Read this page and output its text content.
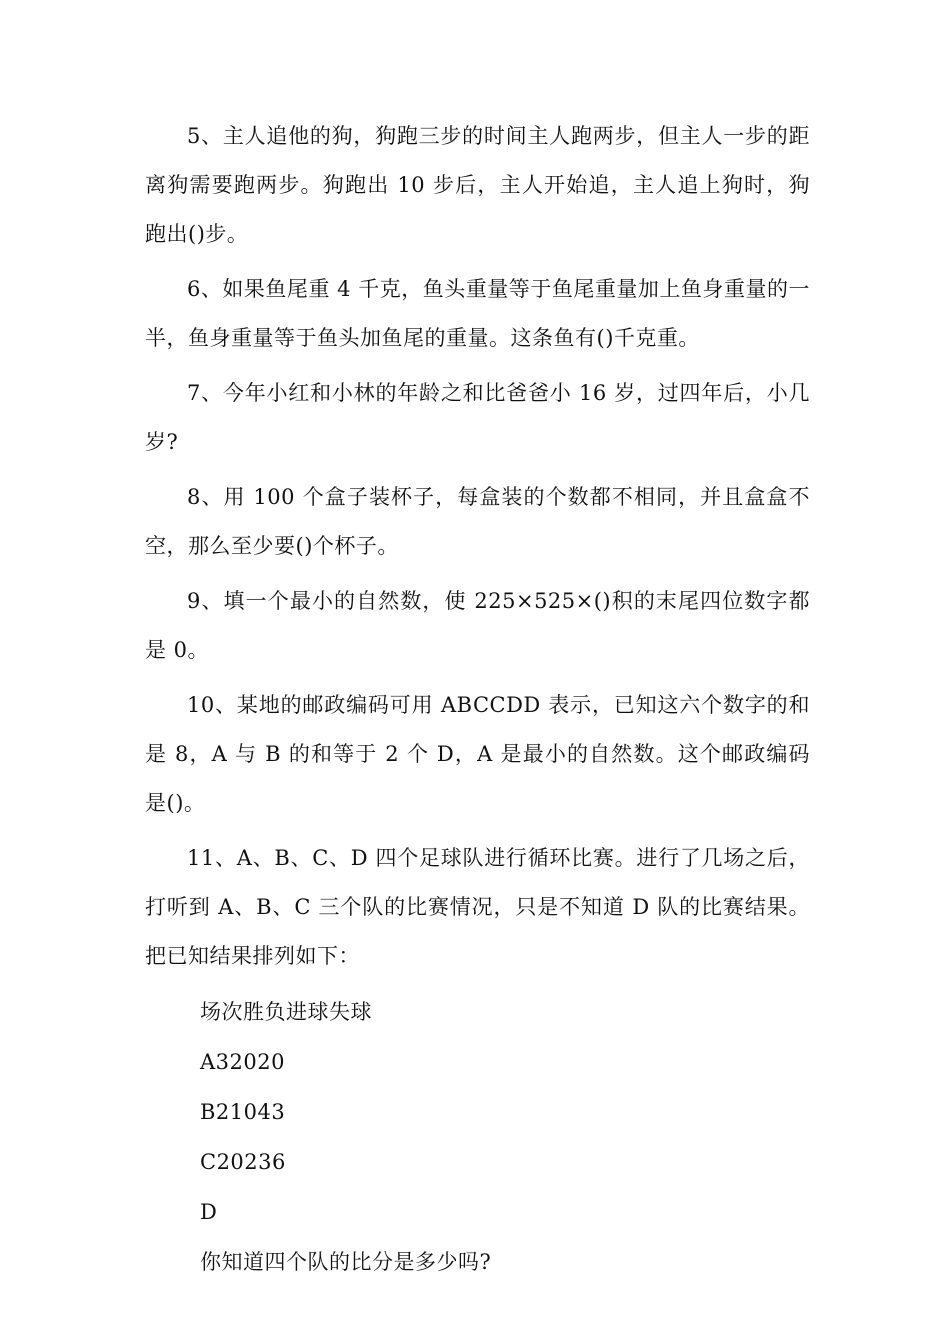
5、主人追他的狗，狗跑三步的时间主人跑两步，但主人一步的距离狗需要跑两步。狗跑出 10 步后，主人开始追，主人追上狗时，狗跑出()步。

6、如果鱼尾重 4 千克，鱼头重量等于鱼尾重量加上鱼身重量的一半，鱼身重量等于鱼头加鱼尾的重量。这条鱼有()千克重。

7、今年小红和小林的年龄之和比爸爸小 16 岁，过四年后，小几岁?

8、用 100 个盒子装杯子，每盒装的个数都不相同，并且盒盒不空，那么至少要()个杯子。

9、填一个最小的自然数，使 225×525×()积的末尾四位数字都是 0。

10、某地的邮政编码可用 ABCCDD 表示，已知这六个数字的和是 8，A 与 B 的和等于 2 个 D，A 是最小的自然数。这个邮政编码是()。

11、A、B、C、D 四个足球队进行循环比赛。进行了几场之后，打听到 A、B、C 三个队的比赛情况，只是不知道 D 队的比赛结果。把已知结果排列如下：

场次胜负进球失球

A32020

B21043

C20236

D

你知道四个队的比分是多少吗?
